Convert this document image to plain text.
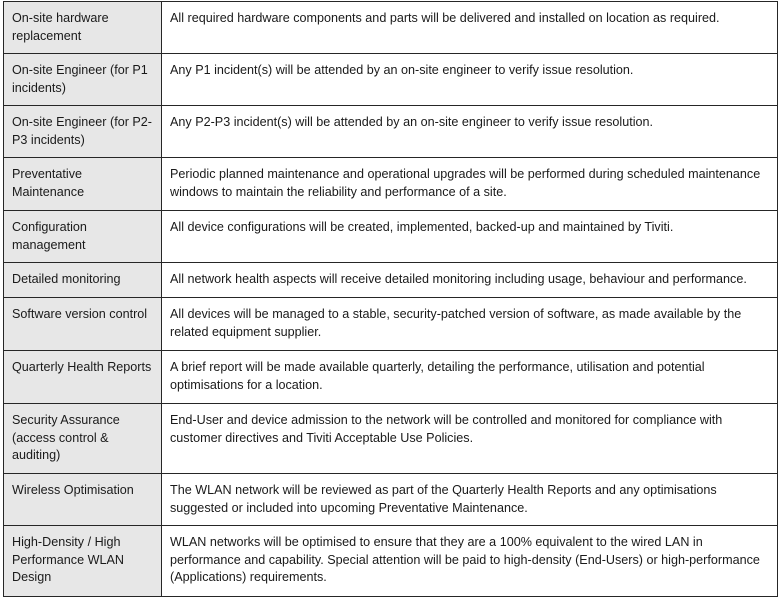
On-site hardware replacement	All required hardware components and parts will be delivered and installed on location as required.

On-site Engineer (for P1 incidents)	Any P1 incident(s) will be attended by an on-site engineer to verify issue resolution.

On-site Engineer (for P2-P3 incidents)	Any P2-P3 incident(s) will be attended by an on-site engineer to verify issue resolution.

Preventative Maintenance	Periodic planned maintenance and operational upgrades will be performed during scheduled maintenance windows to maintain the reliability and performance of a site.

Configuration management	All device configurations will be created, implemented, backed-up and maintained by Tiviti.

Detailed monitoring	All network health aspects will receive detailed monitoring including usage, behaviour and performance.

Software version control	All devices will be managed to a stable, security-patched version of software, as made available by the related equipment supplier.

Quarterly Health Reports	A brief report will be made available quarterly, detailing the performance, utilisation and potential optimisations for a location.

Security Assurance (access control & auditing)	End-User and device admission to the network will be controlled and monitored for compliance with customer directives and Tiviti Acceptable Use Policies.

Wireless Optimisation	The WLAN network will be reviewed as part of the Quarterly Health Reports and any optimisations suggested or included into upcoming Preventative Maintenance.

High-Density / High Performance WLAN Design	WLAN networks will be optimised to ensure that they are a 100% equivalent to the wired LAN in performance and capability. Special attention will be paid to high-density (End-Users) or high-performance (Applications) requirements.
